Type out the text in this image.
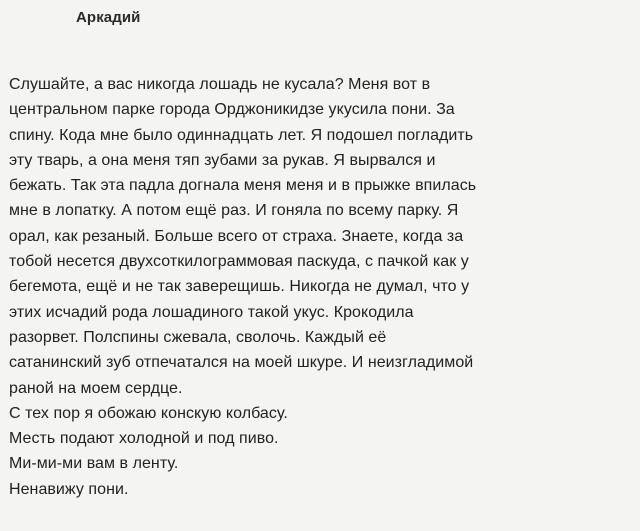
Аркадий
Слушайте, а вас никогда лошадь не кусала? Меня вот в
центральном парке города Орджоникидзе укусила пони. За
спину. Кода мне было одиннадцать лет. Я подошел погладить
эту тварь, а она меня тяп зубами за рукав. Я вырвался и
бежать. Так эта падла догнала меня меня и в прыжке впилась
мне в лопатку. А потом ещё раз. И гоняла по всему парку. Я
орал, как резаный. Больше всего от страха. Знаете, когда за
тобой несется двухсоткилограммовая паскуда, с пачкой как у
бегемота, ещё и не так заверещишь. Никогда не думал, что у
этих исчадий рода лошадиного такой укус. Крокодила
разорвет. Полспины сжевала, сволочь. Каждый её
сатанинский зуб отпечатался на моей шкуре. И неизгладимой
раной на моем сердце.
С тех пор я обожаю конскую колбасу.
Месть подают холодной и под пиво.
Ми-ми-ми вам в ленту.
Ненавижу пони.
